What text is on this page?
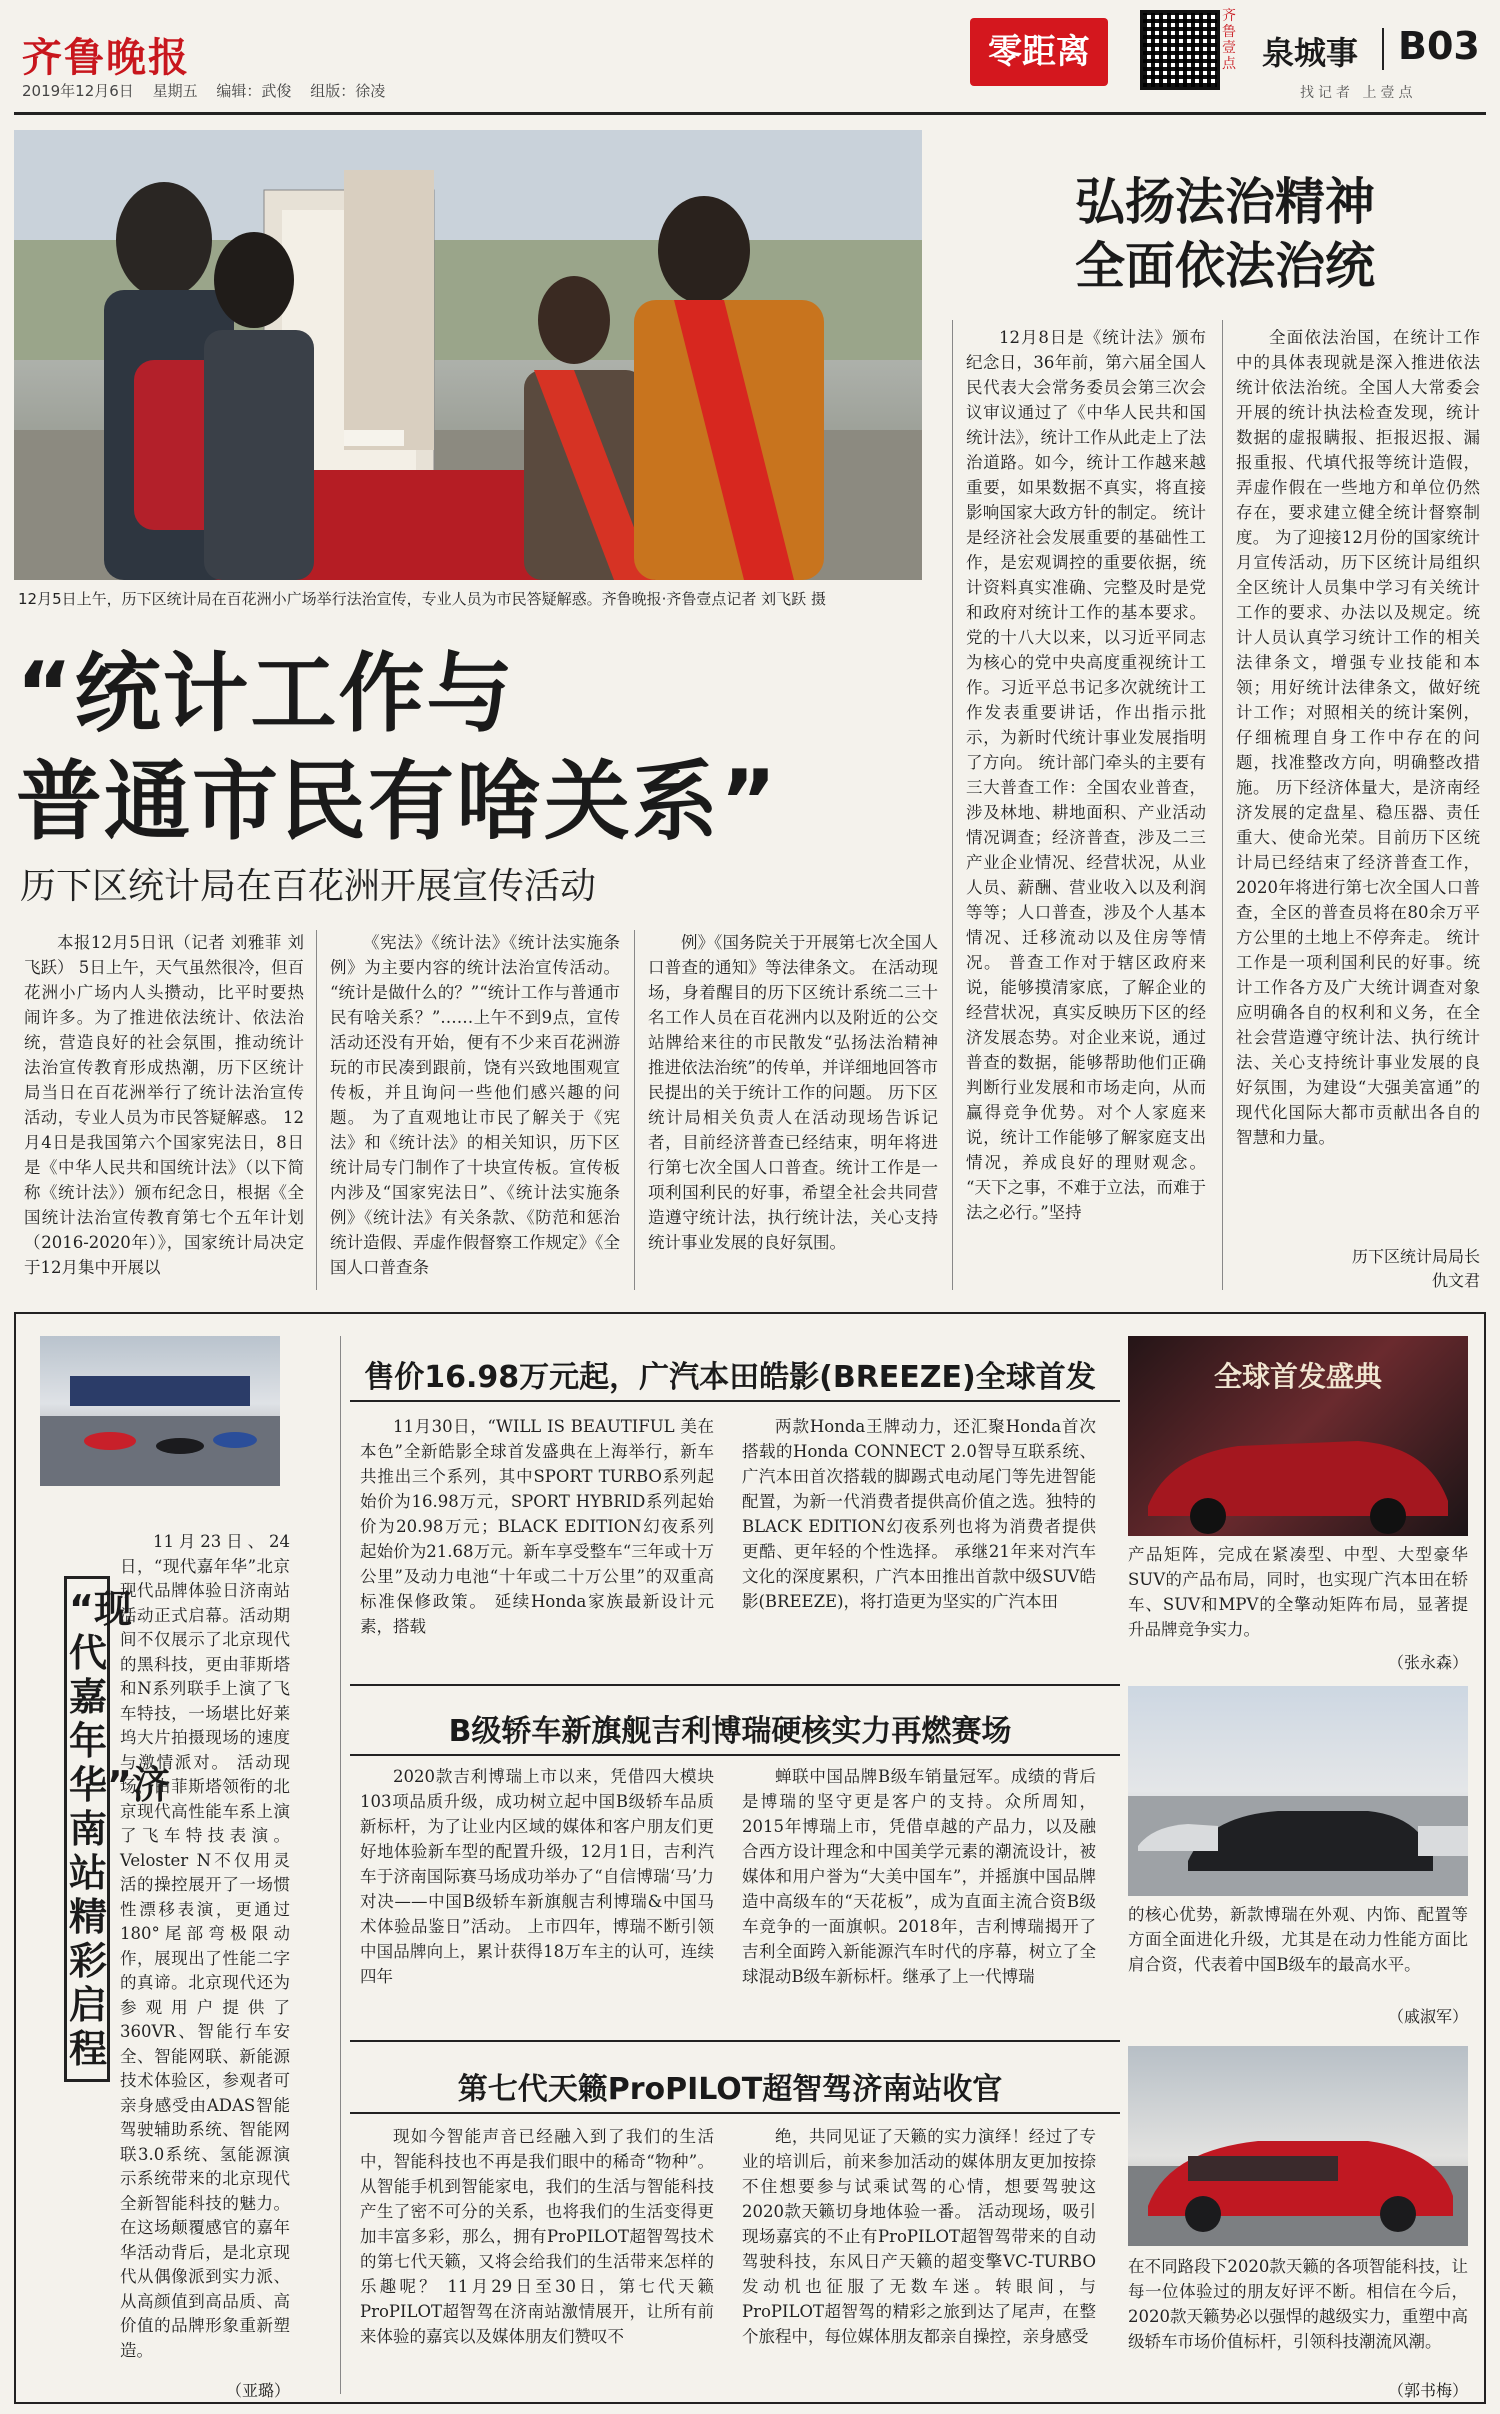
齐鲁晚报
2019年12月6日 星期五 编辑：武俊 组版：徐凌
零距离
齐鲁壹点 泉城事 B03
找记者 上壹点
12月5日上午，历下区统计局在百花洲小广场举行法治宣传，专业人员为市民答疑解惑。齐鲁晚报·齐鲁壹点记者 刘飞跃 摄
弘扬法治精神
全面依法治统
“统计工作与
普通市民有啥关系”
历下区统计局在百花洲开展宣传活动

本报12月5日讯（记者 刘雅菲 刘飞跃） 5日上午，天气虽然很冷，但百花洲小广场内人头攒动，比平时要热闹许多。为了推进依法统计、依法治统，营造良好的社会氛围，推动统计法治宣传教育形成热潮，历下区统计局当日在百花洲举行了统计法治宣传活动，专业人员为市民答疑解惑。 12月4日是我国第六个国家宪法日，8日是《中华人民共和国统计法》（以下简称《统计法》）颁布纪念日，根据《全国统计法治宣传教育第七个五年计划（2016-2020年）》，国家统计局决定于12月集中开展以

《宪法》《统计法》《统计法实施条例》为主要内容的统计法治宣传活动。 “统计是做什么的？”“统计工作与普通市民有啥关系？”……上午不到9点，宣传活动还没有开始，便有不少来百花洲游玩的市民凑到跟前，饶有兴致地围观宣传板，并且询问一些他们感兴趣的问题。 为了直观地让市民了解关于《宪法》和《统计法》的相关知识，历下区统计局专门制作了十块宣传板。宣传板内涉及“国家宪法日”、《统计法实施条例》《统计法》有关条款、《防范和惩治统计造假、弄虚作假督察工作规定》《全国人口普查条

例》《国务院关于开展第七次全国人口普查的通知》等法律条文。 在活动现场，身着醒目的历下区统计系统二三十名工作人员在百花洲内以及附近的公交站牌给来往的市民散发“弘扬法治精神 推进依法治统”的传单，并详细地回答市民提出的关于统计工作的问题。 历下区统计局相关负责人在活动现场告诉记者，目前经济普查已经结束，明年将进行第七次全国人口普查。统计工作是一项利国利民的好事，希望全社会共同营造遵守统计法，执行统计法，关心支持统计事业发展的良好氛围。

12月8日是《统计法》颁布纪念日，36年前，第六届全国人民代表大会常务委员会第三次会议审议通过了《中华人民共和国统计法》，统计工作从此走上了法治道路。如今，统计工作越来越重要，如果数据不真实，将直接影响国家大政方针的制定。 统计是经济社会发展重要的基础性工作，是宏观调控的重要依据，统计资料真实准确、完整及时是党和政府对统计工作的基本要求。党的十八大以来，以习近平同志为核心的党中央高度重视统计工作。习近平总书记多次就统计工作发表重要讲话，作出指示批示，为新时代统计事业发展指明了方向。 统计部门牵头的主要有三大普查工作：全国农业普查，涉及林地、耕地面积、产业活动情况调查；经济普查，涉及二三产业企业情况、经营状况，从业人员、薪酬、营业收入以及利润等等；人口普查，涉及个人基本情况、迁移流动以及住房等情况。 普查工作对于辖区政府来说，能够摸清家底，了解企业的经营状况，真实反映历下区的经济发展态势。对企业来说，通过普查的数据，能够帮助他们正确判断行业发展和市场走向，从而赢得竞争优势。对个人家庭来说，统计工作能够了解家庭支出情况，养成良好的理财观念。 “天下之事，不难于立法，而难于法之必行。”坚持

全面依法治国，在统计工作中的具体表现就是深入推进依法统计依法治统。全国人大常委会开展的统计执法检查发现，统计数据的虚报瞒报、拒报迟报、漏报重报、代填代报等统计造假，弄虚作假在一些地方和单位仍然存在，要求建立健全统计督察制度。 为了迎接12月份的国家统计月宣传活动，历下区统计局组织全区统计人员集中学习有关统计工作的要求、办法以及规定。统计人员认真学习统计工作的相关法律条文，增强专业技能和本领；用好统计法律条文，做好统计工作；对照相关的统计案例，仔细梳理自身工作中存在的问题，找准整改方向，明确整改措施。 历下经济体量大，是济南经济发展的定盘星、稳压器、责任重大、使命光荣。目前历下区统计局已经结束了经济普查工作，2020年将进行第七次全国人口普查，全区的普查员将在80余万平方公里的土地上不停奔走。 统计工作是一项利国利民的好事。统计工作各方及广大统计调查对象应明确各自的权利和义务，在全社会营造遵守统计法、执行统计法、关心支持统计事业发展的良好氛围，为建设“大强美富通”的现代化国际大都市贡献出各自的智慧和力量。

历下区统计局局长
仇文君
“现代嘉年华”济南站精彩启程

11月23日、24日，“现代嘉年华”北京现代品牌体验日济南站活动正式启幕。活动期间不仅展示了北京现代的黑科技，更由菲斯塔和N系列联手上演了飞车特技，一场堪比好莱坞大片拍摄现场的速度与激情派对。 活动现场，由菲斯塔领衔的北京现代高性能车系上演了飞车特技表演。Veloster N不仅用灵活的操控展开了一场惯性漂移表演，更通过180°尾部弯极限动作，展现出了性能二字的真谛。北京现代还为参观用户提供了360VR、智能行车安全、智能网联、新能源技术体验区，参观者可亲身感受由ADAS智能驾驶辅助系统、智能网联3.0系统、氢能源演示系统带来的北京现代全新智能科技的魅力。在这场颠覆感官的嘉年华活动背后，是北京现代从偶像派到实力派、从高颜值到高品质、高价值的品牌形象重新塑造。

（亚璐）
售价16.98万元起，广汽本田皓影(BREEZE)全球首发

11月30日，“WILL IS BEAUTIFUL 美在本色”全新皓影全球首发盛典在上海举行，新车共推出三个系列，其中SPORT TURBO系列起始价为16.98万元，SPORT HYBRID系列起始价为20.98万元；BLACK EDITION幻夜系列起始价为21.68万元。新车享受整车“三年或十万公里”及动力电池“十年或二十万公里”的双重高标准保修政策。 延续Honda家族最新设计元素，搭载

两款Honda王牌动力，还汇聚Honda首次搭载的Honda CONNECT 2.0智导互联系统、广汽本田首次搭载的脚踢式电动尾门等先进智能配置，为新一代消费者提供高价值之选。独特的BLACK EDITION幻夜系列也将为消费者提供更酷、更年轻的个性选择。 承继21年来对汽车文化的深度累积，广汽本田推出首款中级SUV皓影(BREEZE)，将打造更为坚实的广汽本田

全球首发盛典

产品矩阵，完成在紧凑型、中型、大型豪华SUV的产品布局，同时，也实现广汽本田在轿车、SUV和MPV的全擎动矩阵布局，显著提升品牌竞争实力。

（张永森）
B级轿车新旗舰吉利博瑞硬核实力再燃赛场

2020款吉利博瑞上市以来，凭借四大模块103项品质升级，成功树立起中国B级轿车品质新标杆，为了让业内区域的媒体和客户朋友们更好地体验新车型的配置升级，12月1日，吉利汽车于济南国际赛马场成功举办了“自信博瑞‘马’力对决——中国B级轿车新旗舰吉利博瑞&中国马术体验品鉴日”活动。 上市四年，博瑞不断引领中国品牌向上，累计获得18万车主的认可，连续四年

蝉联中国品牌B级车销量冠军。成绩的背后是博瑞的坚守更是客户的支持。众所周知，2015年博瑞上市，凭借卓越的产品力，以及融合西方设计理念和中国美学元素的潮流设计，被媒体和用户誉为“大美中国车”，并摇旗中国品牌造中高级车的“天花板”，成为直面主流合资B级车竞争的一面旗帜。2018年，吉利博瑞揭开了吉利全面跨入新能源汽车时代的序幕，树立了全球混动B级车新标杆。继承了上一代博瑞

的核心优势，新款博瑞在外观、内饰、配置等方面全面进化升级，尤其是在动力性能方面比肩合资，代表着中国B级车的最高水平。

（戚淑军）
第七代天籁ProPILOT超智驾济南站收官

现如今智能声音已经融入到了我们的生活中，智能科技也不再是我们眼中的稀奇“物种”。从智能手机到智能家电，我们的生活与智能科技产生了密不可分的关系，也将我们的生活变得更加丰富多彩，那么，拥有ProPILOT超智驾技术的第七代天籁，又将会给我们的生活带来怎样的乐趣呢？ 11月29日至30日，第七代天籁ProPILOT超智驾在济南站激情展开，让所有前来体验的嘉宾以及媒体朋友们赞叹不

绝，共同见证了天籁的实力演绎！经过了专业的培训后，前来参加活动的媒体朋友更加按捺不住想要参与试乘试驾的心情，想要驾驶这2020款天籁切身地体验一番。 活动现场，吸引现场嘉宾的不止有ProPILOT超智驾带来的自动驾驶科技，东风日产天籁的超变擎VC-TURBO发动机也征服了无数车迷。转眼间，与ProPILOT超智驾的精彩之旅到达了尾声，在整个旅程中，每位媒体朋友都亲自操控，亲身感受

在不同路段下2020款天籁的各项智能科技，让每一位体验过的朋友好评不断。相信在今后，2020款天籁势必以强悍的越级实力，重塑中高级轿车市场价值标杆，引领科技潮流风潮。

（郭书梅）
